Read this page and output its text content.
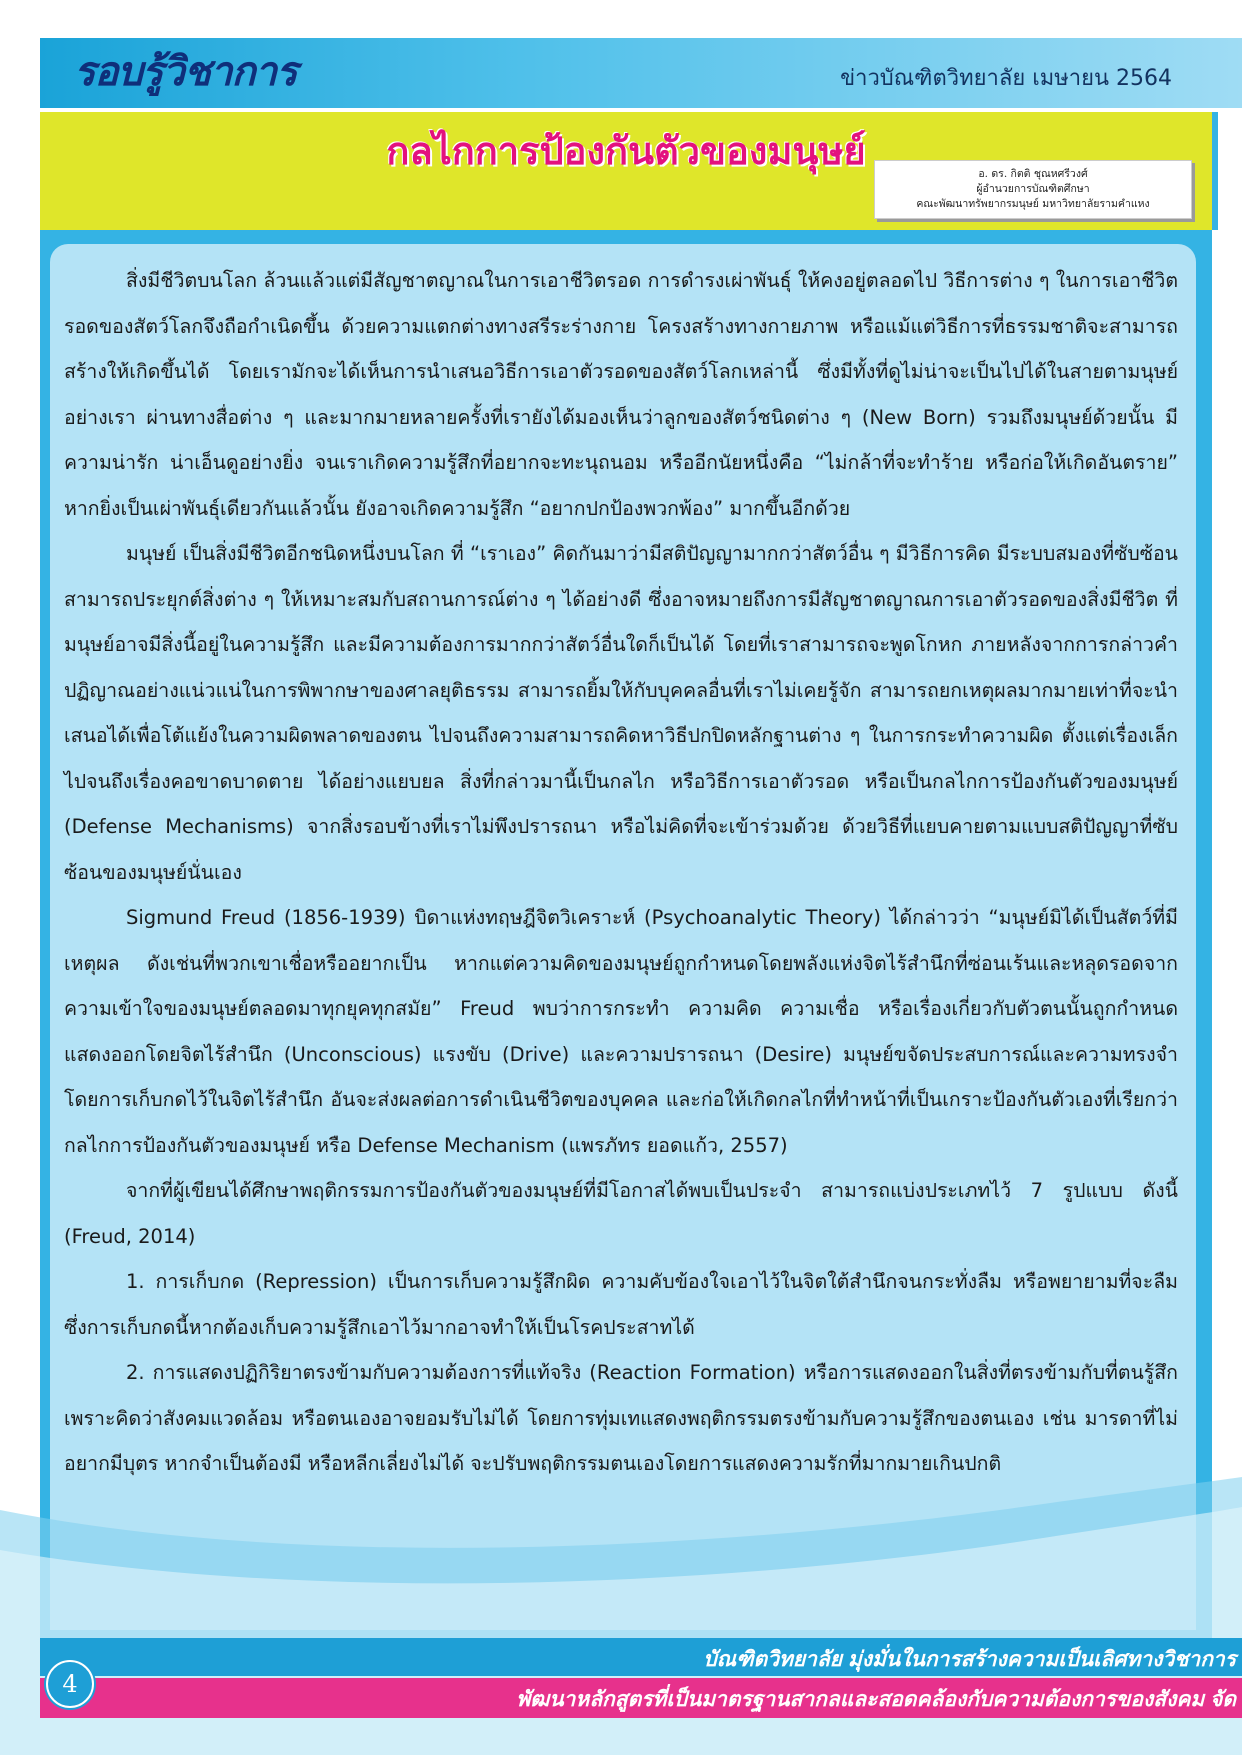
รอบรู้วิชาการ	ข่าวบัณฑิตวิทยาลัย เมษายน 2564
กลไกการป้องกันตัวของมนุษย์
อ. ดร. กิตติ ชุณหศรีวงศ์
ผู้อำนวยการบัณฑิตศึกษา
คณะพัฒนาทรัพยากรมนุษย์ มหาวิทยาลัยรามคำแหง

สิ่งมีชีวิตบนโลก ล้วนแล้วแต่มีสัญชาตญาณในการเอาชีวิตรอด การดำรงเผ่าพันธุ์ ให้คงอยู่ตลอดไป วิธีการต่าง ๆ ในการเอาชีวิตรอดของสัตว์โลกจึงถือกำเนิดขึ้น ด้วยความแตกต่างทางสรีระร่างกาย โครงสร้างทางกายภาพ หรือแม้แต่วิธีการที่ธรรมชาติจะสามารถสร้างให้เกิดขึ้นได้ โดยเรามักจะได้เห็นการนำเสนอวิธีการเอาตัวรอดของสัตว์โลกเหล่านี้ ซึ่งมีทั้งที่ดูไม่น่าจะเป็นไปได้ในสายตามนุษย์อย่างเรา ผ่านทางสื่อต่าง ๆ และมากมายหลายครั้งที่เรายังได้มองเห็นว่าลูกของสัตว์ชนิดต่าง ๆ (New Born) รวมถึงมนุษย์ด้วยนั้น มีความน่ารัก น่าเอ็นดูอย่างยิ่ง จนเราเกิดความรู้สึกที่อยากจะทะนุถนอม หรืออีกนัยหนึ่งคือ “ไม่กล้าที่จะทำร้าย หรือก่อให้เกิดอันตราย” หากยิ่งเป็นเผ่าพันธุ์เดียวกันแล้วนั้น ยังอาจเกิดความรู้สึก “อยากปกป้องพวกพ้อง” มากขึ้นอีกด้วย

มนุษย์ เป็นสิ่งมีชีวิตอีกชนิดหนึ่งบนโลก ที่ “เราเอง” คิดกันมาว่ามีสติปัญญามากกว่าสัตว์อื่น ๆ มีวิธีการคิด มีระบบสมองที่ซับซ้อน สามารถประยุกต์สิ่งต่าง ๆ ให้เหมาะสมกับสถานการณ์ต่าง ๆ ได้อย่างดี ซึ่งอาจหมายถึงการมีสัญชาตญาณการเอาตัวรอดของสิ่งมีชีวิต ที่มนุษย์อาจมีสิ่งนี้อยู่ในความรู้สึก และมีความต้องการมากกว่าสัตว์อื่นใดก็เป็นได้ โดยที่เราสามารถจะพูดโกหก ภายหลังจากการกล่าวคำปฏิญาณอย่างแน่วแน่ในการพิพากษาของศาลยุติธรรม สามารถยิ้มให้กับบุคคลอื่นที่เราไม่เคยรู้จัก สามารถยกเหตุผลมากมายเท่าที่จะนำเสนอได้เพื่อโต้แย้งในความผิดพลาดของตน ไปจนถึงความสามารถคิดหาวิธีปกปิดหลักฐานต่าง ๆ ในการกระทำความผิด ตั้งแต่เรื่องเล็กไปจนถึงเรื่องคอขาดบาดตาย ได้อย่างแยบยล สิ่งที่กล่าวมานี้เป็นกลไก หรือวิธีการเอาตัวรอด หรือเป็นกลไกการป้องกันตัวของมนุษย์ (Defense Mechanisms) จากสิ่งรอบข้างที่เราไม่พึงปรารถนา หรือไม่คิดที่จะเข้าร่วมด้วย ด้วยวิธีที่แยบคายตามแบบสติปัญญาที่ซับซ้อนของมนุษย์นั่นเอง

Sigmund Freud (1856-1939) บิดาแห่งทฤษฎีจิตวิเคราะห์ (Psychoanalytic Theory) ได้กล่าวว่า “มนุษย์มิได้เป็นสัตว์ที่มีเหตุผล ดังเช่นที่พวกเขาเชื่อหรืออยากเป็น หากแต่ความคิดของมนุษย์ถูกกำหนดโดยพลังแห่งจิตไร้สำนึกที่ซ่อนเร้นและหลุดรอดจากความเข้าใจของมนุษย์ตลอดมาทุกยุคทุกสมัย” Freud พบว่าการกระทำ ความคิด ความเชื่อ หรือเรื่องเกี่ยวกับตัวตนนั้นถูกกำหนดแสดงออกโดยจิตไร้สำนึก (Unconscious) แรงขับ (Drive) และความปรารถนา (Desire) มนุษย์ขจัดประสบการณ์และความทรงจำ โดยการเก็บกดไว้ในจิตไร้สำนึก อันจะส่งผลต่อการดำเนินชีวิตของบุคคล และก่อให้เกิดกลไกที่ทำหน้าที่เป็นเกราะป้องกันตัวเองที่เรียกว่ากลไกการป้องกันตัวของมนุษย์ หรือ Defense Mechanism (แพรภัทร ยอดแก้ว, 2557)

จากที่ผู้เขียนได้ศึกษาพฤติกรรมการป้องกันตัวของมนุษย์ที่มีโอกาสได้พบเป็นประจำ สามารถแบ่งประเภทไว้ 7 รูปแบบ ดังนี้ (Freud, 2014)

1. การเก็บกด (Repression) เป็นการเก็บความรู้สึกผิด ความคับข้องใจเอาไว้ในจิตใต้สำนึกจนกระทั่งลืม หรือพยายามที่จะลืม ซึ่งการเก็บกดนี้หากต้องเก็บความรู้สึกเอาไว้มากอาจทำให้เป็นโรคประสาทได้

2. การแสดงปฏิกิริยาตรงข้ามกับความต้องการที่แท้จริง (Reaction Formation) หรือการแสดงออกในสิ่งที่ตรงข้ามกับที่ตนรู้สึก เพราะคิดว่าสังคมแวดล้อม หรือตนเองอาจยอมรับไม่ได้ โดยการทุ่มเทแสดงพฤติกรรมตรงข้ามกับความรู้สึกของตนเอง เช่น มารดาที่ไม่อยากมีบุตร หากจำเป็นต้องมี หรือหลีกเลี่ยงไม่ได้ จะปรับพฤติกรรมตนเองโดยการแสดงความรักที่มากมายเกินปกติ

บัณฑิตวิทยาลัย มุ่งมั่นในการสร้างความเป็นเลิศทางวิชาการ
พัฒนาหลักสูตรที่เป็นมาตรฐานสากลและสอดคล้องกับความต้องการของสังคม จัด
4
